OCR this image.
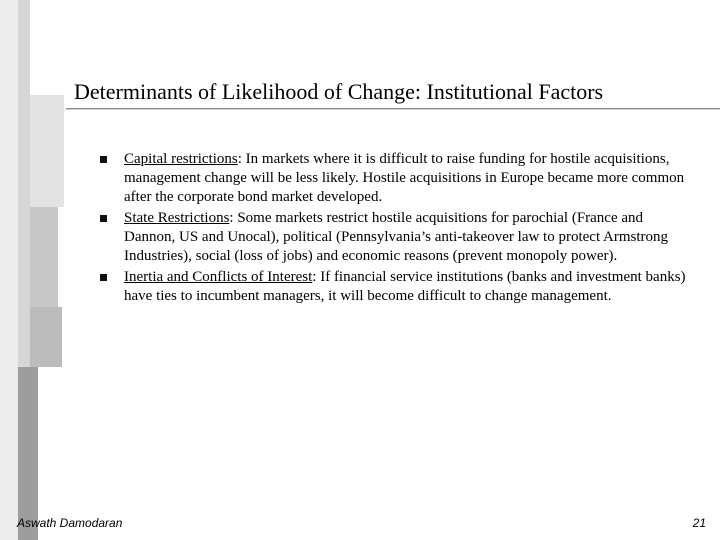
Determinants of Likelihood of Change: Institutional Factors
Capital restrictions: In markets where it is difficult to raise funding for hostile acquisitions, management change will be less likely. Hostile acquisitions in Europe became more common after the corporate bond market developed.
State Restrictions: Some markets restrict hostile acquisitions for parochial (France and Dannon, US and Unocal), political (Pennsylvania’s anti-takeover law to protect Armstrong Industries), social (loss of jobs) and economic reasons (prevent monopoly power).
Inertia and Conflicts of Interest: If financial service institutions (banks and investment banks) have ties to incumbent managers, it will become difficult to change management.
Aswath Damodaran	21
